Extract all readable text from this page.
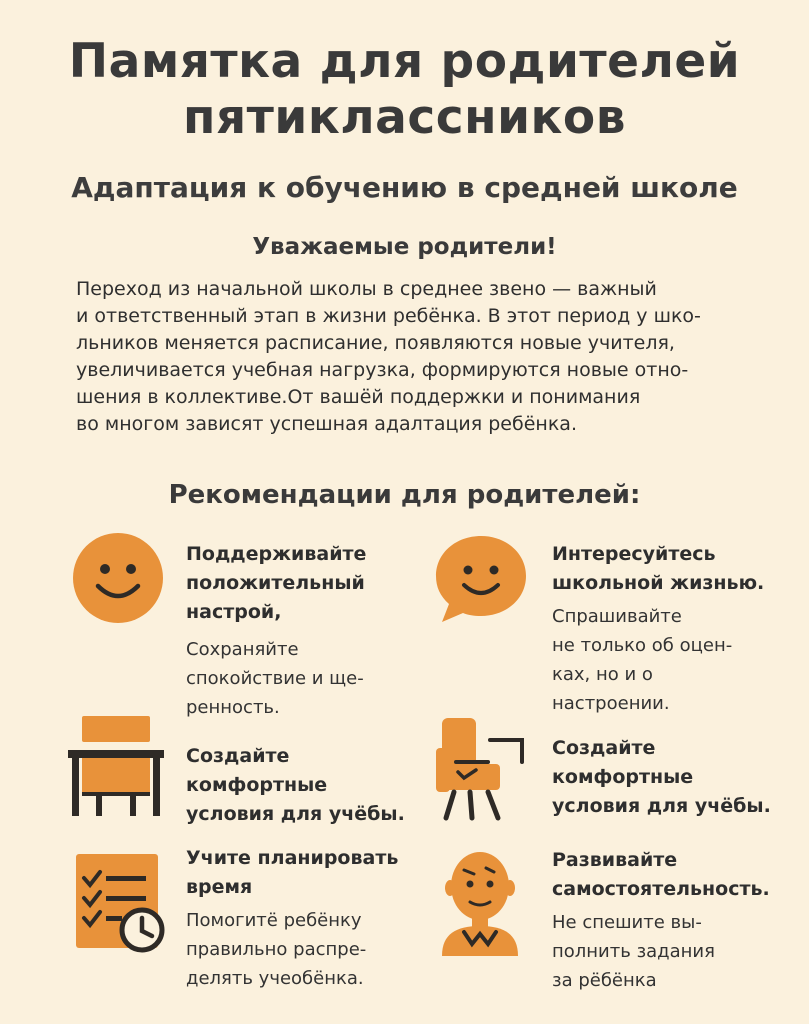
Памятка для родителей
пятиклассников
Адаптация к обучению в средней школе
Уважаемые родители!
Переход из начальной школы в среднее звено — важный
и ответственный этап в жизни ребёнка. В этот период у шко-
льников меняется расписание, появляются новые учителя,
увеличивается учебная нагрузка, формируются новые отно-
шения в коллективе.От вашёй поддержки и понимания
во многом зависят успешная адалтация ребёнка.
Рекомендации для родителей:
Поддерживайте
положительный
настрой,
Сохраняйте
спокойствие и ще-
ренность.
Интересуйтесь
школьной жизнью.
Спрашивайте
не только об оцен-
ках, но и о
настроении.
Создайте
комфортные
условия для учёбы.
Создайте
комфортные
условия для учёбы.
Учите планировать
время
Помогитё ребёнку
правильно распре-
делять учеобёнка.
Развивайте
самостоятельность.
Не спешите вы-
полнить задания
за рёбёнка
